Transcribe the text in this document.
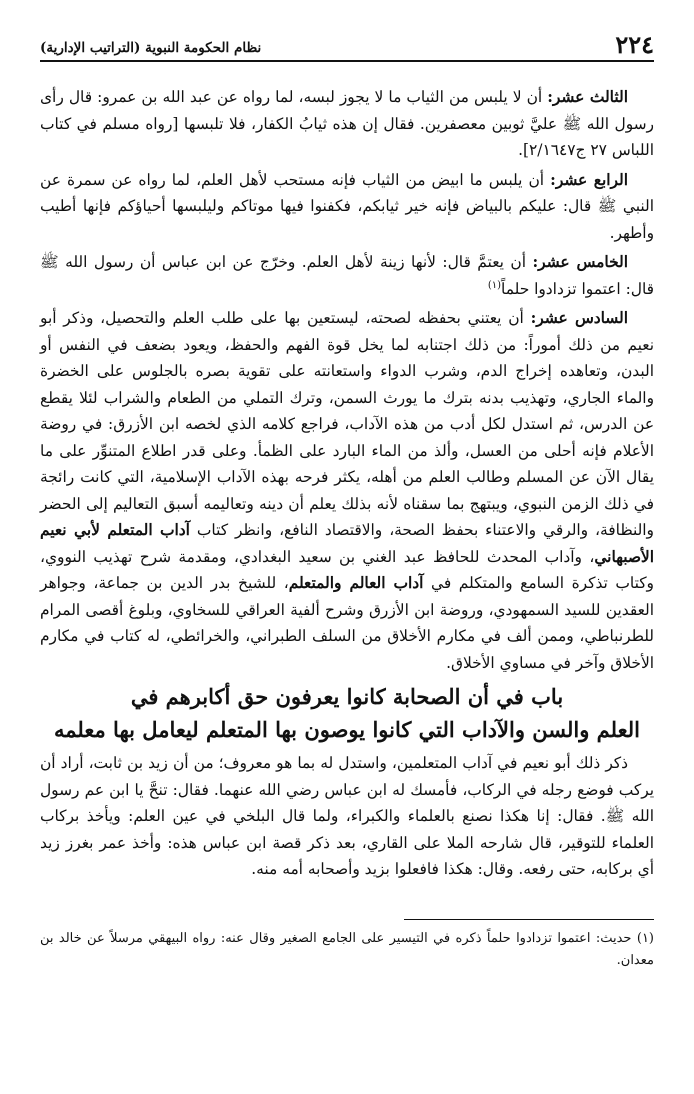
٢٢٤
نظام الحكومة النبوية (التراتيب الإدارية)

الثالث عشر: أن لا يلبس من الثياب ما لا يجوز لبسه، لما رواه عن عبد الله بن عمرو: قال رأى رسول الله ﷺ عليَّ ثوبين معصفرين. فقال إن هذه ثيابُ الكفار، فلا تلبسها [رواه مسلم في كتاب اللباس ٢٧ ج٢/١٦٤٧].

الرابع عشر: أن يلبس ما ابيض من الثياب فإنه مستحب لأهل العلم، لما رواه عن سمرة عن النبي ﷺ قال: عليكم بالبياض فإنه خير ثيابكم، فكفنوا فيها موتاكم وليلبسها أحياؤكم فإنها أطيب وأطهر.

الخامس عشر: أن يعتمَّ قال: لأنها زينة لأهل العلم. وخرّج عن ابن عباس أن رسول الله ﷺ قال: اعتموا تزدادوا حلماً$^{(١)}$

السادس عشر: أن يعتني بحفظه لصحته، ليستعين بها على طلب العلم والتحصيل، وذكر أبو نعيم من ذلك أموراً: من ذلك اجتنابه لما يخل قوة الفهم والحفظ، ويعود بضعف في النفس أو البدن، وتعاهده إخراج الدم، وشرب الدواء واستعانته على تقوية بصره بالجلوس على الخضرة والماء الجاري، وتهذيب بدنه بترك ما يورث السمن، وترك التملي من الطعام والشراب لئلا يقطع عن الدرس، ثم استدل لكل أدب من هذه الآداب، فراجع كلامه الذي لخصه ابن الأزرق: في روضة الأعلام فإنه أحلى من العسل، وألذ من الماء البارد على الظمأ. وعلى قدر اطلاع المتنوِّر على ما يقال الآن عن المسلم وطالب العلم من أهله، يكثر فرحه بهذه الآداب الإسلامية، التي كانت رائجة في ذلك الزمن النبوي، ويبتهج بما سقناه لأنه بذلك يعلم أن دينه وتعاليمه أسبق التعاليم إلى الحضر والنظافة، والرقي والاعتناء بحفظ الصحة، والاقتصاد النافع، وانظر كتاب آداب المتعلم لأبي نعيم الأصبهاني، وآداب المحدث للحافظ عبد الغني بن سعيد البغدادي، ومقدمة شرح تهذيب النووي، وكتاب تذكرة السامع والمتكلم في آداب العالم والمتعلم، للشيخ بدر الدين بن جماعة، وجواهر العقدين للسيد السمهودي، وروضة ابن الأزرق وشرح ألفية العراقي للسخاوي، وبلوغ أقصى المرام للطرنباطي، وممن ألف في مكارم الأخلاق من السلف الطبراني، والخرائطي، له كتاب في مكارم الأخلاق وآخر في مساوي الأخلاق.

باب في أن الصحابة كانوا يعرفون حق أكابرهم في
العلم والسن والآداب التي كانوا يوصون بها المتعلم ليعامل بها معلمه

ذكر ذلك أبو نعيم في آداب المتعلمين، واستدل له بما هو معروف؛ من أن زيد بن ثابت، أراد أن يركب فوضع رجله في الركاب، فأمسك له ابن عباس رضي الله عنهما. فقال: تنحَّ يا ابن عم رسول الله ﷺ. فقال: إنا هكذا نصنع بالعلماء والكبراء، ولما قال البلخي في عين العلم: ويأخذ بركاب العلماء للتوقير، قال شارحه الملا على القاري، بعد ذكر قصة ابن عباس هذه: وأخذ عمر بغرز زيد أي بركابه، حتى رفعه. وقال: هكذا فافعلوا بزيد وأصحابه أمه منه.

(١) حديث: اعتموا تزدادوا حلماً ذكره في التيسير على الجامع الصغير وقال عنه: رواه البيهقي مرسلاً عن خالد بن معدان.
